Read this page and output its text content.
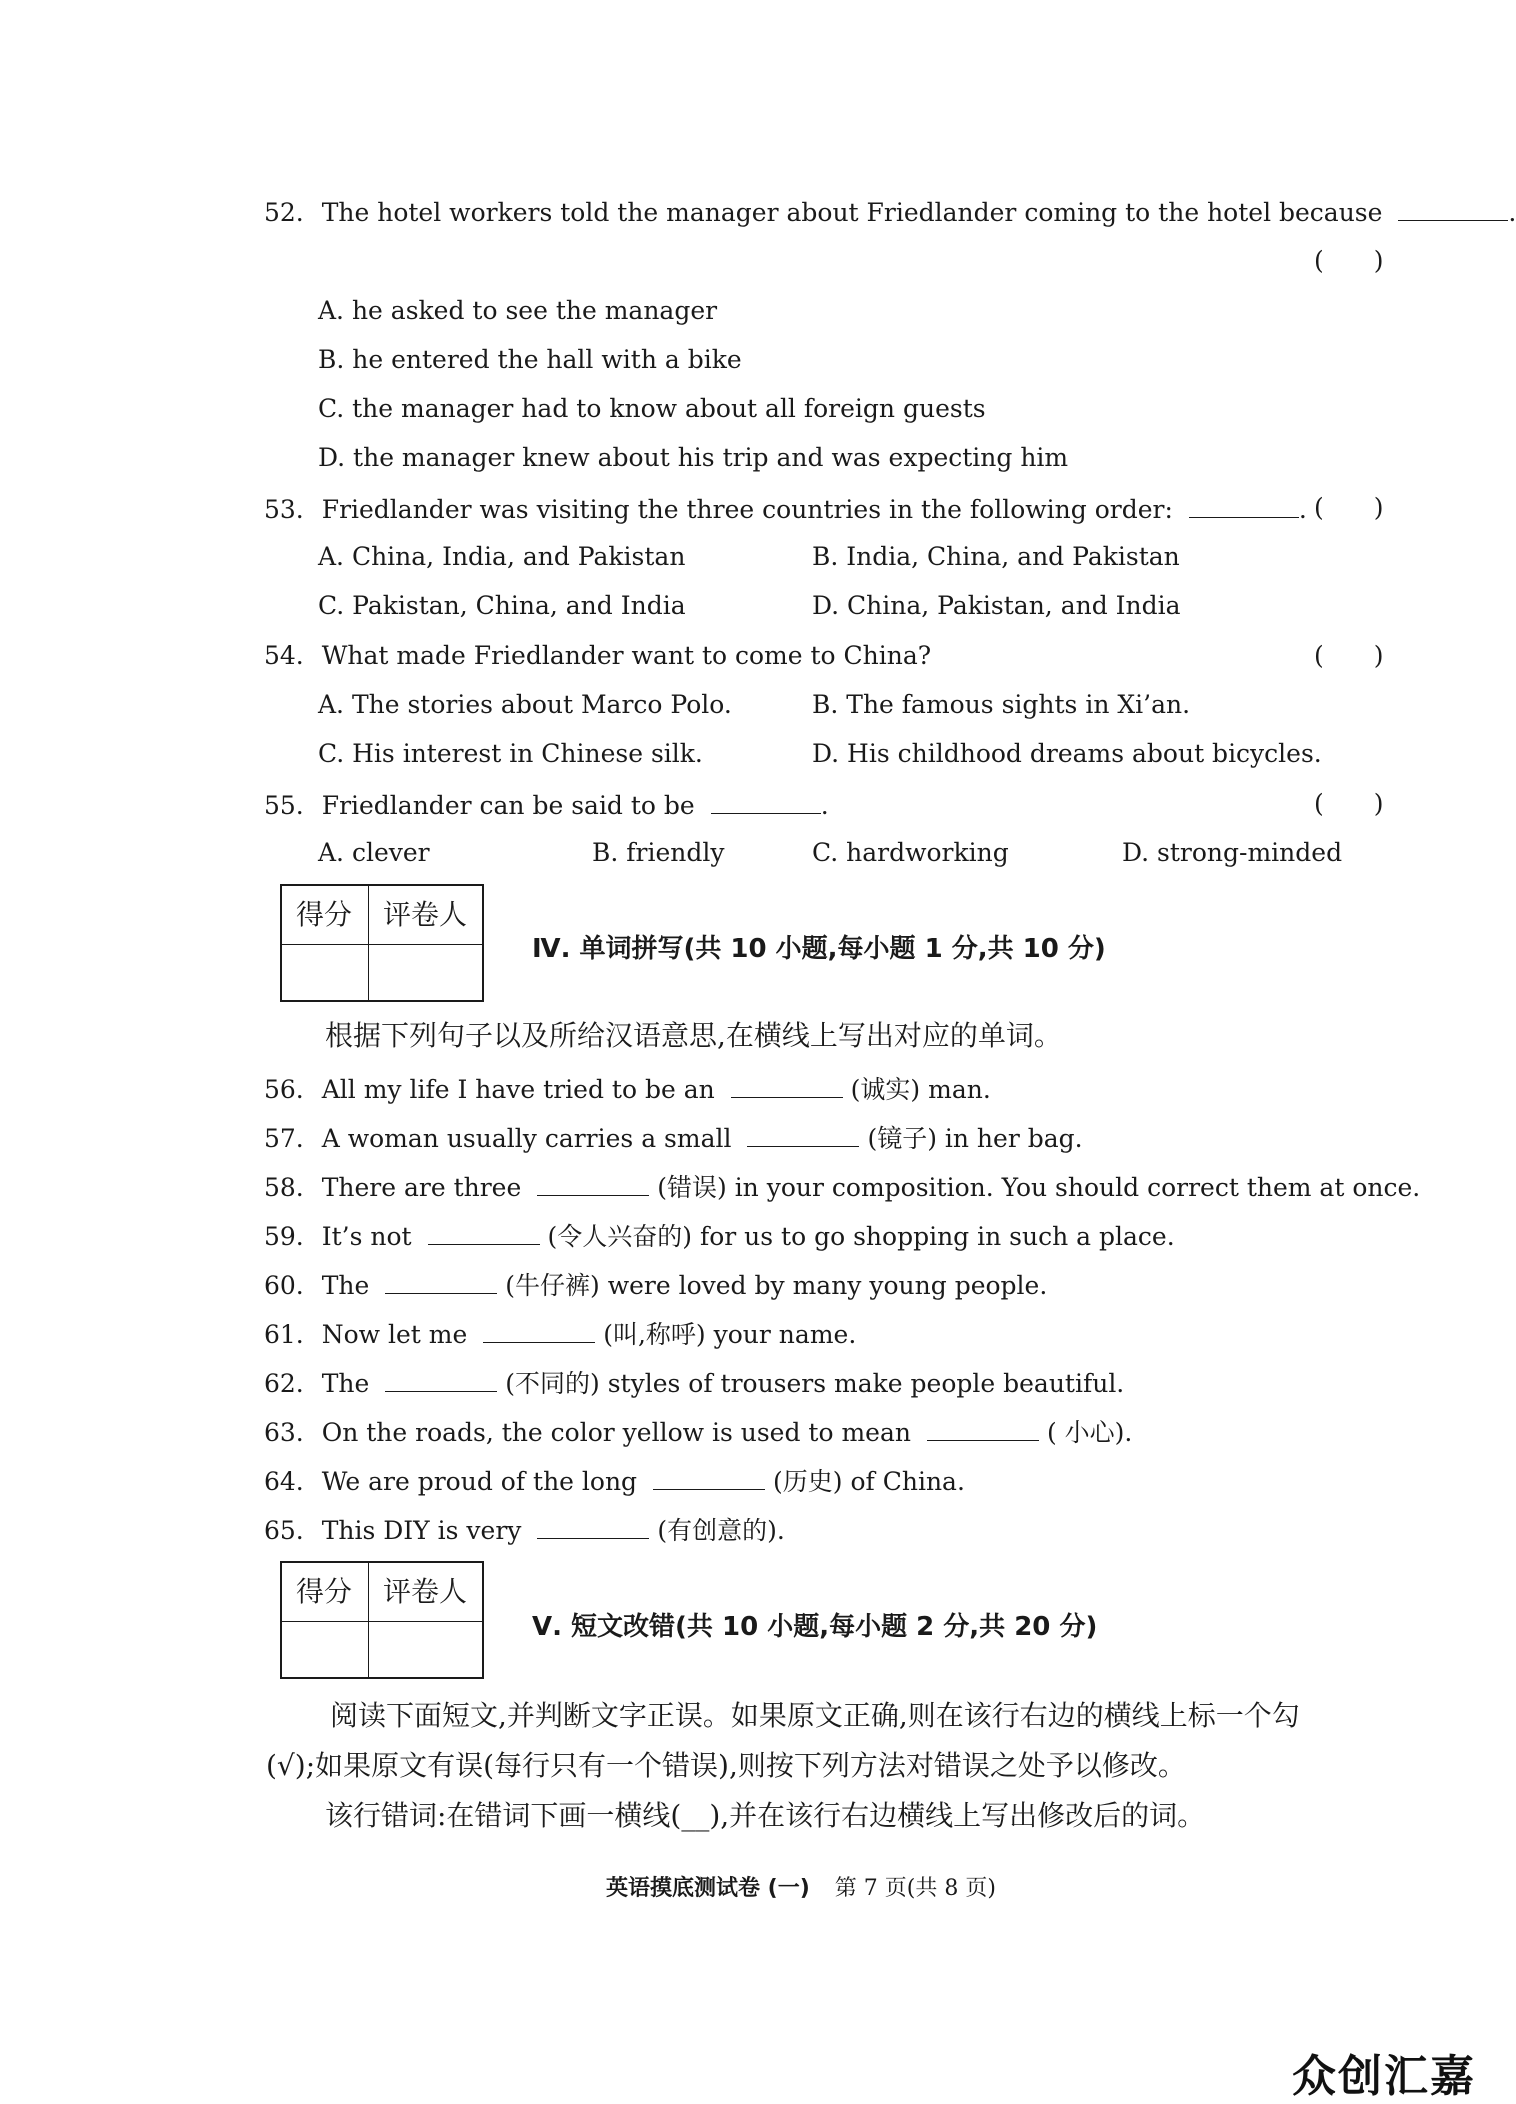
52. The hotel workers told the manager about Friedlander coming to the hotel because	.
(　　)
A. he asked to see the manager
B. he entered the hall with a bike
C. the manager had to know about all foreign guests
D. the manager knew about his trip and was expecting him
53. Friedlander was visiting the three countries in the following order:	. (　　)
A. China, India, and Pakistan	B. India, China, and Pakistan
C. Pakistan, China, and India	D. China, Pakistan, and India
54. What made Friedlander want to come to China?	(　　)
A. The stories about Marco Polo.	B. The famous sights in Xi’an.
C. His interest in Chinese silk.	D. His childhood dreams about bicycles.
55. Friedlander can be said to be	.	(　　)
A. clever	B. friendly	C. hardworking	D. strong-minded
得分 评卷人
Ⅳ. 单词拼写(共 10 小题,每小题 1 分,共 10 分)
根据下列句子以及所给汉语意思,在横线上写出对应的单词。
56. All my life I have tried to be an	(诚实) man.
57. A woman usually carries a small	(镜子) in her bag.
58. There are three	(错误) in your composition. You should correct them at once.
59. It’s not	(令人兴奋的) for us to go shopping in such a place.
60. The	(牛仔裤) were loved by many young people.
61. Now let me	(叫,称呼) your name.
62. The	(不同的) styles of trousers make people beautiful.
63. On the roads, the color yellow is used to mean	( 小心).
64. We are proud of the long	(历史) of China.
65. This DIY is very	(有创意的).
得分 评卷人
Ⅴ. 短文改错(共 10 小题,每小题 2 分,共 20 分)
阅读下面短文,并判断文字正误。如果原文正确,则在该行右边的横线上标一个勾
(√);如果原文有误(每行只有一个错误),则按下列方法对错误之处予以修改。
该行错词:在错词下画一横线(__),并在该行右边横线上写出修改后的词。
英语摸底测试卷 (一) 第 7 页(共 8 页)
众创汇嘉
